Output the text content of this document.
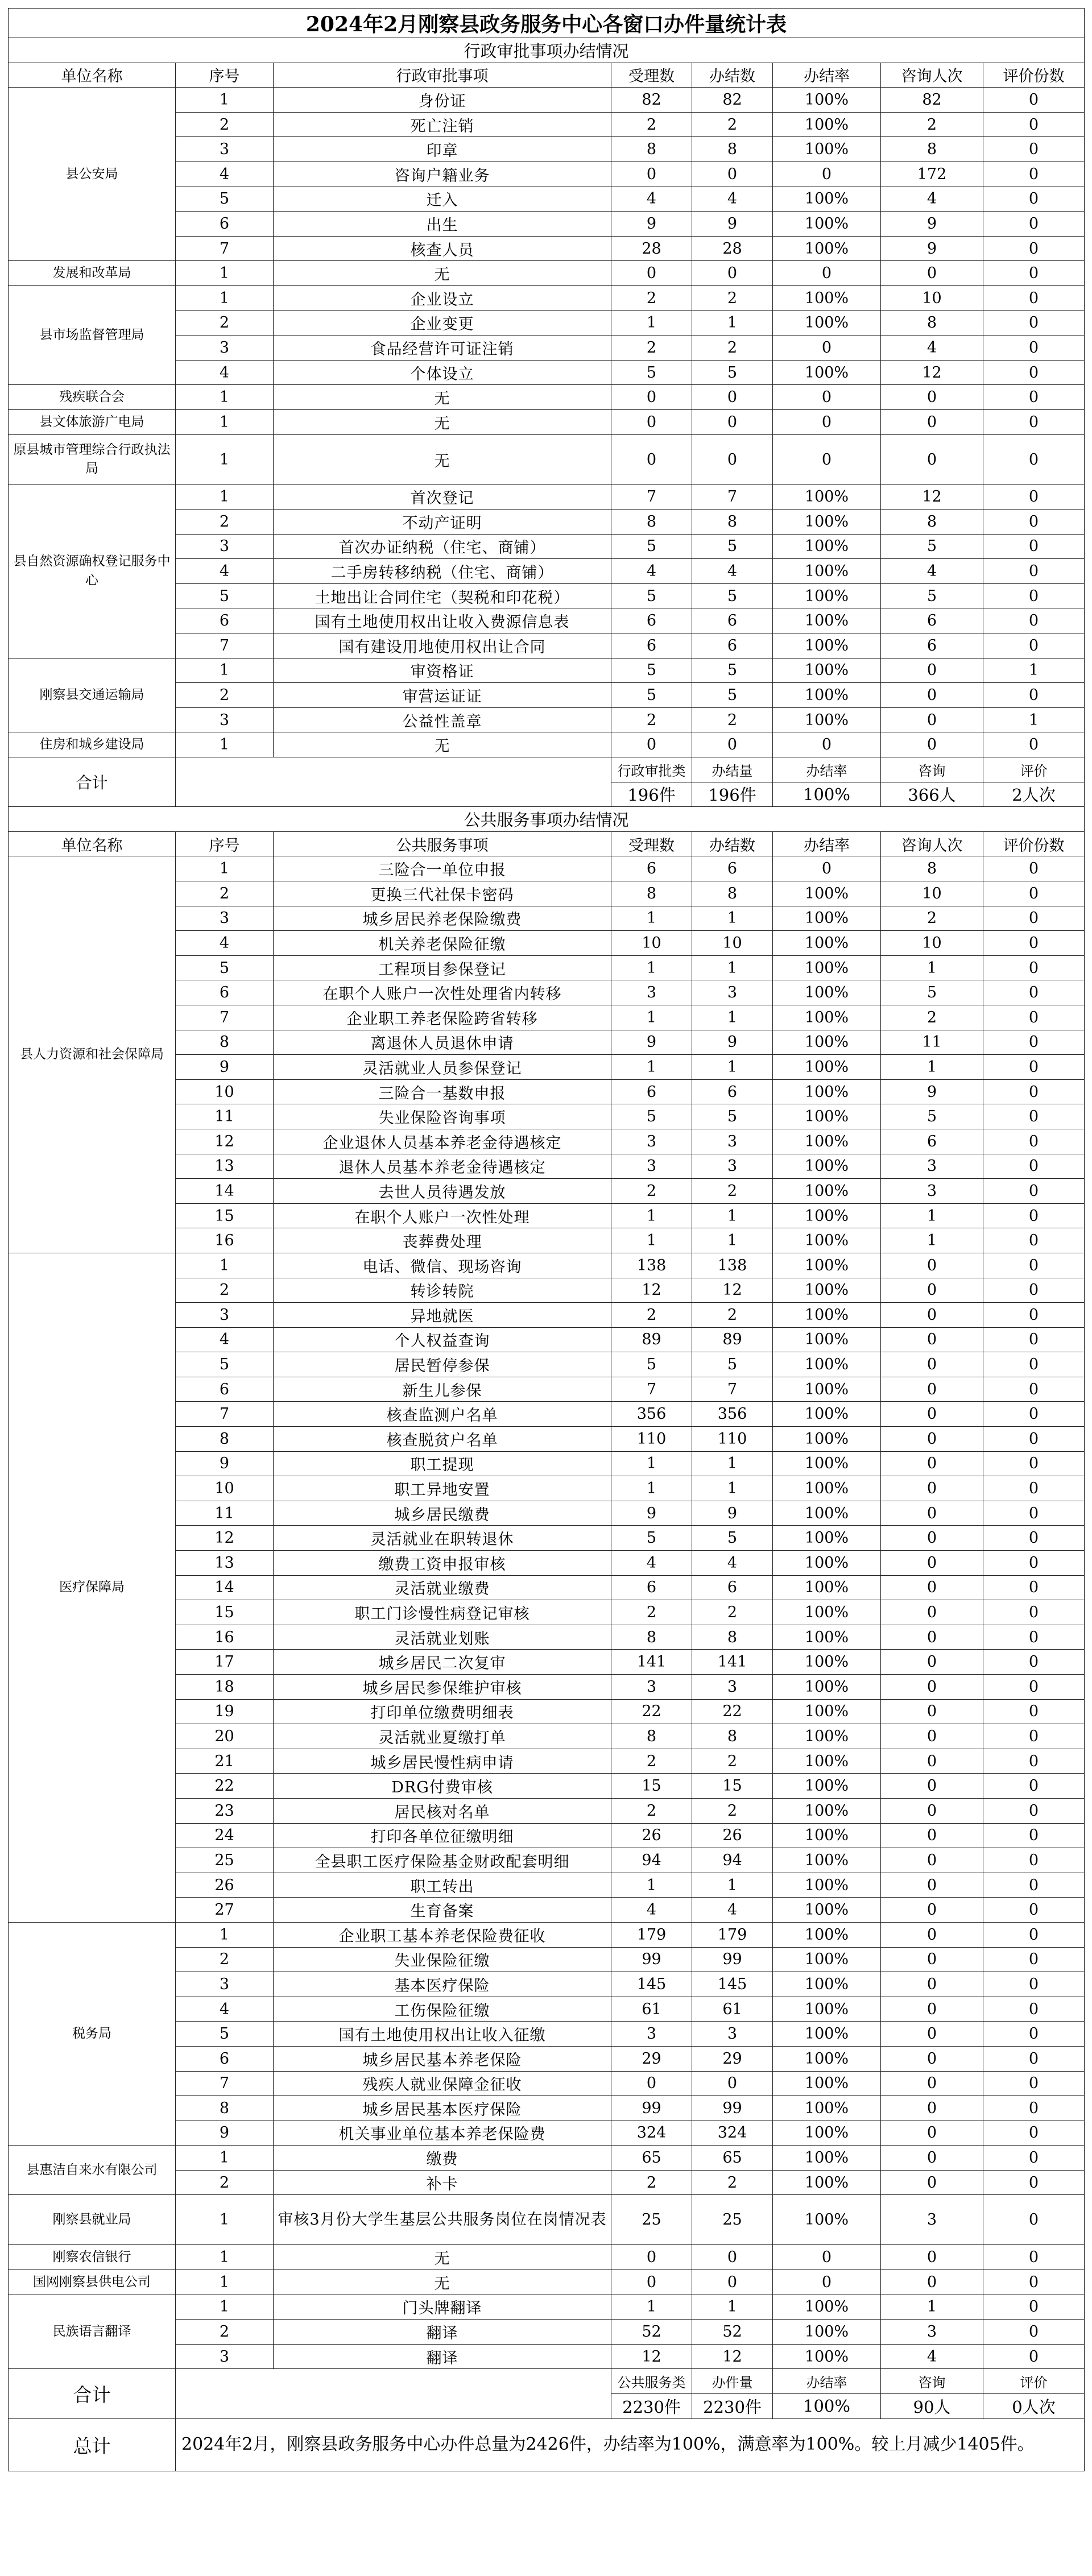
2024年2月刚察县政务服务中心各窗口办件量统计表							
行政审批事项办结情况							
单位名称	序号	行政审批事项	受理数	办结数	办结率	咨询人次	评价份数
县公安局	1	身份证	82	82	100%	82	0
	2	死亡注销	2	2	100%	2	0
	3	印章	8	8	100%	8	0
	4	咨询户籍业务	0	0	0	172	0
	5	迁入	4	4	100%	4	0
	6	出生	9	9	100%	9	0
	7	核查人员	28	28	100%	9	0
发展和改革局	1	无	0	0	0	0	0
县市场监督管理局	1	企业设立	2	2	100%	10	0
	2	企业变更	1	1	100%	8	0
	3	食品经营许可证注销	2	2	0	4	0
	4	个体设立	5	5	100%	12	0
残疾联合会	1	无	0	0	0	0	0
县文体旅游广电局	1	无	0	0	0	0	0
原县城市管理综合行政执法局	1	无	0	0	0	0	0
县自然资源确权登记服务中心	1	首次登记	7	7	100%	12	0
	2	不动产证明	8	8	100%	8	0
	3	首次办证纳税（住宅、商铺）	5	5	100%	5	0
	4	二手房转移纳税（住宅、商铺）	4	4	100%	4	0
	5	土地出让合同住宅（契税和印花税）	5	5	100%	5	0
	6	国有土地使用权出让收入费源信息表	6	6	100%	6	0
	7	国有建设用地使用权出让合同	6	6	100%	6	0
刚察县交通运输局	1	审资格证	5	5	100%	0	1
	2	审营运证证	5	5	100%	0	0
	3	公益性盖章	2	2	100%	0	1
住房和城乡建设局	1	无	0	0	0	0	0
合计			行政审批类	办结量	办结率	咨询	评价
			196件	196件	100%	366人	2人次
公共服务事项办结情况							
单位名称	序号	公共服务事项	受理数	办结数	办结率	咨询人次	评价份数
县人力资源和社会保障局	1	三险合一单位申报	6	6	0	8	0
	2	更换三代社保卡密码	8	8	100%	10	0
	3	城乡居民养老保险缴费	1	1	100%	2	0
	4	机关养老保险征缴	10	10	100%	10	0
	5	工程项目参保登记	1	1	100%	1	0
	6	在职个人账户一次性处理省内转移	3	3	100%	5	0
	7	企业职工养老保险跨省转移	1	1	100%	2	0
	8	离退休人员退休申请	9	9	100%	11	0
	9	灵活就业人员参保登记	1	1	100%	1	0
	10	三险合一基数申报	6	6	100%	9	0
	11	失业保险咨询事项	5	5	100%	5	0
	12	企业退休人员基本养老金待遇核定	3	3	100%	6	0
	13	退休人员基本养老金待遇核定	3	3	100%	3	0
	14	去世人员待遇发放	2	2	100%	3	0
	15	在职个人账户一次性处理	1	1	100%	1	0
	16	丧葬费处理	1	1	100%	1	0
医疗保障局	1	电话、微信、现场咨询	138	138	100%	0	0
	2	转诊转院	12	12	100%	0	0
	3	异地就医	2	2	100%	0	0
	4	个人权益查询	89	89	100%	0	0
	5	居民暂停参保	5	5	100%	0	0
	6	新生儿参保	7	7	100%	0	0
	7	核查监测户名单	356	356	100%	0	0
	8	核查脱贫户名单	110	110	100%	0	0
	9	职工提现	1	1	100%	0	0
	10	职工异地安置	1	1	100%	0	0
	11	城乡居民缴费	9	9	100%	0	0
	12	灵活就业在职转退休	5	5	100%	0	0
	13	缴费工资申报审核	4	4	100%	0	0
	14	灵活就业缴费	6	6	100%	0	0
	15	职工门诊慢性病登记审核	2	2	100%	0	0
	16	灵活就业划账	8	8	100%	0	0
	17	城乡居民二次复审	141	141	100%	0	0
	18	城乡居民参保维护审核	3	3	100%	0	0
	19	打印单位缴费明细表	22	22	100%	0	0
	20	灵活就业夏缴打单	8	8	100%	0	0
	21	城乡居民慢性病申请	2	2	100%	0	0
	22	DRG付费审核	15	15	100%	0	0
	23	居民核对名单	2	2	100%	0	0
	24	打印各单位征缴明细	26	26	100%	0	0
	25	全县职工医疗保险基金财政配套明细	94	94	100%	0	0
	26	职工转出	1	1	100%	0	0
	27	生育备案	4	4	100%	0	0
税务局	1	企业职工基本养老保险费征收	179	179	100%	0	0
	2	失业保险征缴	99	99	100%	0	0
	3	基本医疗保险	145	145	100%	0	0
	4	工伤保险征缴	61	61	100%	0	0
	5	国有土地使用权出让收入征缴	3	3	100%	0	0
	6	城乡居民基本养老保险	29	29	100%	0	0
	7	残疾人就业保障金征收	0	0	100%	0	0
	8	城乡居民基本医疗保险	99	99	100%	0	0
	9	机关事业单位基本养老保险费	324	324	100%	0	0
县惠洁自来水有限公司	1	缴费	65	65	100%	0	0
	2	补卡	2	2	100%	0	0
刚察县就业局	1	审核3月份大学生基层公共服务岗位在岗情况表	25	25	100%	3	0
刚察农信银行	1	无	0	0	0	0	0
国网刚察县供电公司	1	无	0	0	0	0	0
民族语言翻译	1	门头牌翻译	1	1	100%	1	0
	2	翻译	52	52	100%	3	0
	3	翻译	12	12	100%	4	0
合计			公共服务类	办件量	办结率	咨询	评价
			2230件	2230件	100%	90人	0人次
总计	2024年2月，刚察县政务服务中心办件总量为2426件，办结率为100%，满意率为100%。较上月减少1405件。						
